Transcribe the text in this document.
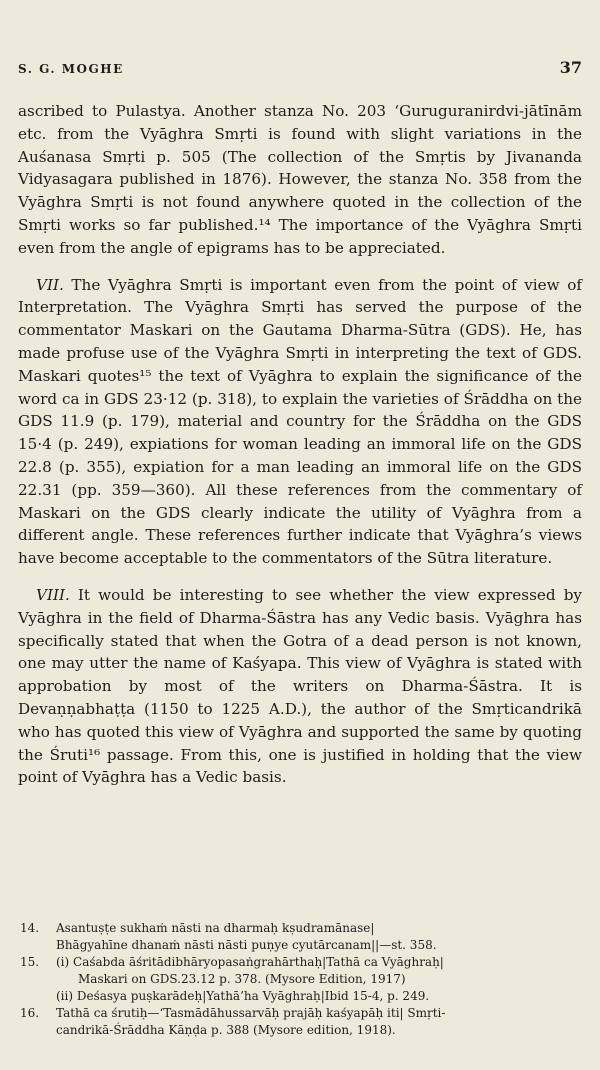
S. G. MOGHE	37

ascribed to Pulastya. Another stanza No. 203 ‘Guruguranirdvi-jātīnām etc. from the Vyāghra Smṛti is found with slight variations in the Auśanasa Smṛti p. 505 (The collection of the Smṛtis by Jivananda Vidyasagara published in 1876). However, the stanza No. 358 from the Vyāghra Smṛti is not found anywhere quoted in the collection of the Smṛti works so far published.¹⁴ The importance of the Vyāghra Smṛti even from the angle of epigrams has to be appreciated.

VII. The Vyāghra Smṛti is important even from the point of view of Interpretation. The Vyāghra Smṛti has served the purpose of the commentator Maskari on the Gautama Dharma-Sūtra (GDS). He, has made profuse use of the Vyāghra Smṛti in interpreting the text of GDS. Maskari quotes¹⁵ the text of Vyāghra to explain the significance of the word ca in GDS 23·12 (p. 318), to explain the varieties of Śrāddha on the GDS 11.9 (p. 179), material and country for the Śrāddha on the GDS 15·4 (p. 249), expiations for woman leading an immoral life on the GDS 22.8 (p. 355), expiation for a man leading an immoral life on the GDS 22.31 (pp. 359—360). All these references from the commentary of Maskari on the GDS clearly indicate the utility of Vyāghra from a different angle. These references further indicate that Vyāghra’s views have become acceptable to the commentators of the Sūtra literature.

VIII. It would be interesting to see whether the view expressed by Vyāghra in the field of Dharma-Śāstra has any Vedic basis. Vyāghra has specifically stated that when the Gotra of a dead person is not known, one may utter the name of Kaśyapa. This view of Vyāghra is stated with approbation by most of the writers on Dharma-Śāstra. It is Devaṇṇabhaṭṭa (1150 to 1225 A.D.), the author of the Smṛticandrikā who has quoted this view of Vyāghra and supported the same by quoting the Śruti¹⁶ passage. From this, one is justified in holding that the view point of Vyāghra has a Vedic basis.

14.	Asantuṣṭe sukhaṁ nāsti na dharmaḥ kṣudramānase|
Bhāgyahīne dhanaṁ nāsti nāsti puṇye cyutārcanam||—st. 358.
15.	(i) Caśabda āśritādibhāryopasaṅgrahārthaḥ|Tathā ca Vyāghraḥ|
Maskari on GDS.23.12 p. 378. (Mysore Edition, 1917)
(ii) Deśasya puṣkarādeḥ|Yathā’ha Vyāghraḥ|Ibid 15-4, p. 249.
16.	Tathā ca śrutiḥ—‘Tasmādāhussarvāḥ prajāḥ kaśyapāḥ iti| Smṛti-
candrikā-Śrāddha Kāṇḍa p. 388 (Mysore edition, 1918).
